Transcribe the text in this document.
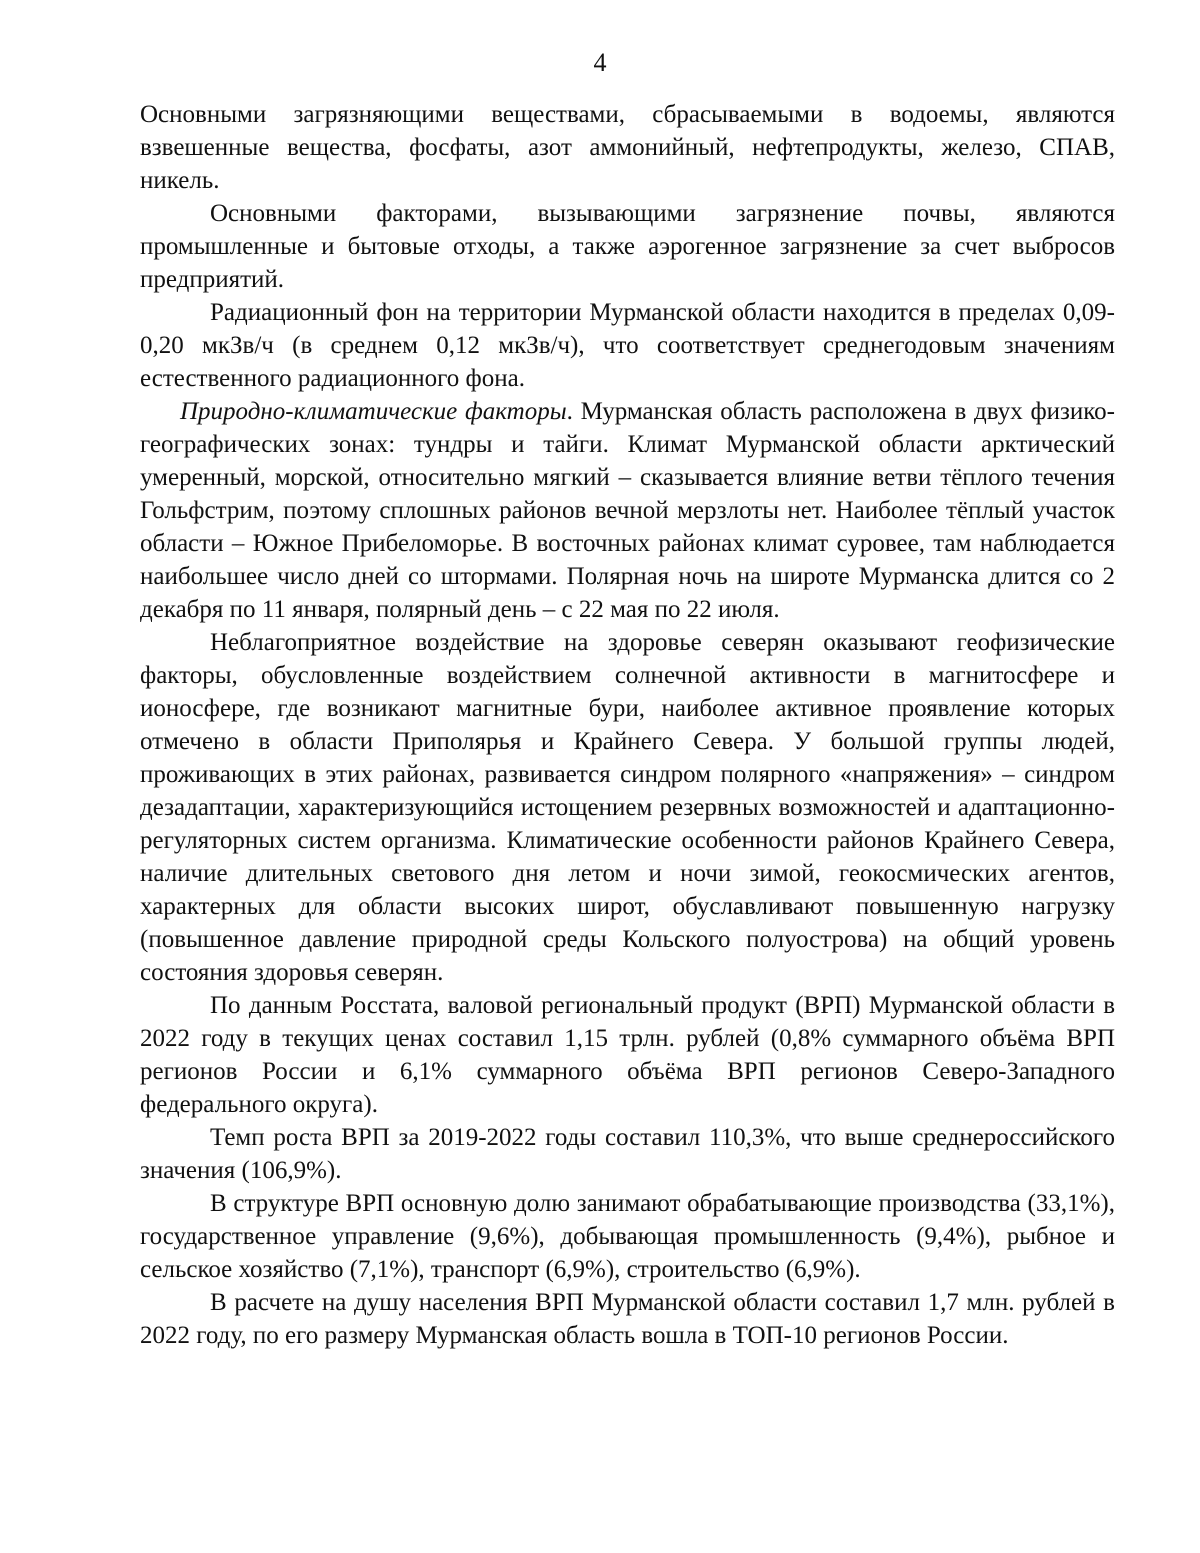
4

Основными загрязняющими веществами, сбрасываемыми в водоемы, являются взвешенные вещества, фосфаты, азот аммонийный, нефтепродукты, железо, СПАВ, никель.

Основными факторами, вызывающими загрязнение почвы, являются промышленные и бытовые отходы, а также аэрогенное загрязнение за счет выбросов предприятий.

Радиационный фон на территории Мурманской области находится в пределах 0,09-0,20 мкЗв/ч (в среднем 0,12 мкЗв/ч), что соответствует среднегодовым значениям естественного радиационного фона.

Природно-климатические факторы. Мурманская область расположена в двух физико-географических зонах: тундры и тайги. Климат Мурманской области арктический умеренный, морской, относительно мягкий – сказывается влияние ветви тёплого течения Гольфстрим, поэтому сплошных районов вечной мерзлоты нет. Наиболее тёплый участок области – Южное Прибеломорье. В восточных районах климат суровее, там наблюдается наибольшее число дней со штормами. Полярная ночь на широте Мурманска длится со 2 декабря по 11 января, полярный день – с 22 мая по 22 июля.

Неблагоприятное воздействие на здоровье северян оказывают геофизические факторы, обусловленные воздействием солнечной активности в магнитосфере и ионосфере, где возникают магнитные бури, наиболее активное проявление которых отмечено в области Приполярья и Крайнего Севера. У большой группы людей, проживающих в этих районах, развивается синдром полярного «напряжения» – синдром дезадаптации, характеризующийся истощением резервных возможностей и адаптационно-регуляторных систем организма. Климатические особенности районов Крайнего Севера, наличие длительных светового дня летом и ночи зимой, геокосмических агентов, характерных для области высоких широт, обуславливают повышенную нагрузку (повышенное давление природной среды Кольского полуострова) на общий уровень состояния здоровья северян.

По данным Росстата, валовой региональный продукт (ВРП) Мурманской области в 2022 году в текущих ценах составил 1,15 трлн. рублей (0,8% суммарного объёма ВРП регионов России и 6,1% суммарного объёма ВРП регионов Северо-Западного федерального округа).

Темп роста ВРП за 2019-2022 годы составил 110,3%, что выше среднероссийского значения (106,9%).

В структуре ВРП основную долю занимают обрабатывающие производства (33,1%), государственное управление (9,6%), добывающая промышленность (9,4%), рыбное и сельское хозяйство (7,1%), транспорт (6,9%), строительство (6,9%).

В расчете на душу населения ВРП Мурманской области составил 1,7 млн. рублей в 2022 году, по его размеру Мурманская область вошла в ТОП-10 регионов России.
